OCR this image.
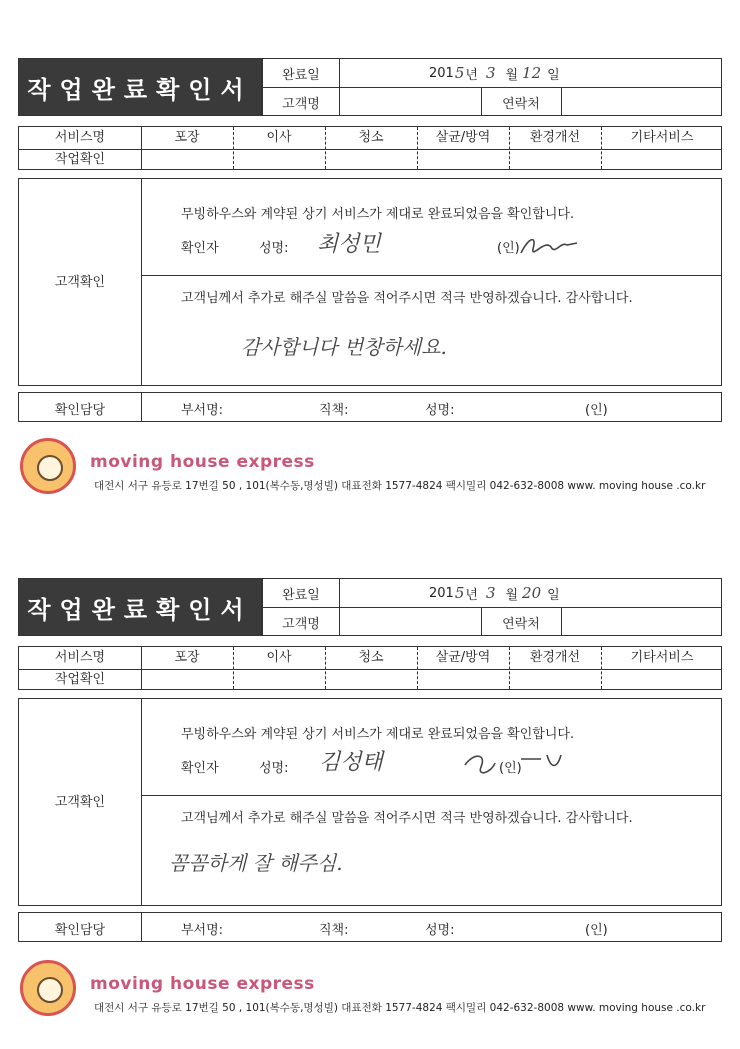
작업완료확인서
완료일	201 5 년 3 월 12 일
고객명	연락처
서비스명	포장	이사	청소	살균/방역	환경개선	기타서비스
작업확인
고객확인
무빙하우스와 계약된 상기 서비스가 제대로 완료되었음을 확인합니다.
확인자	성명: 최성민	(인)
고객님께서 추가로 해주실 말씀을 적어주시면 적극 반영하겠습니다. 감사합니다.
감사합니다 번창하세요.
확인담당	부서명:	직책:	성명:	(인)
moving house express
대전시 서구 유등로 17번길 50 , 101(복수동,명성빌) 대표전화 1577-4824 팩시밀리 042-632-8008 www. moving house .co.kr
작업완료확인서
완료일	201 5 년 3 월 20 일
고객명	연락처
서비스명	포장	이사	청소	살균/방역	환경개선	기타서비스
작업확인
고객확인
무빙하우스와 계약된 상기 서비스가 제대로 완료되었음을 확인합니다.
확인자	성명: 김성태	(인)
고객님께서 추가로 해주실 말씀을 적어주시면 적극 반영하겠습니다. 감사합니다.
꼼꼼하게 잘 해주심.
확인담당	부서명:	직책:	성명:	(인)
moving house express
대전시 서구 유등로 17번길 50 , 101(복수동,명성빌) 대표전화 1577-4824 팩시밀리 042-632-8008 www. moving house .co.kr
